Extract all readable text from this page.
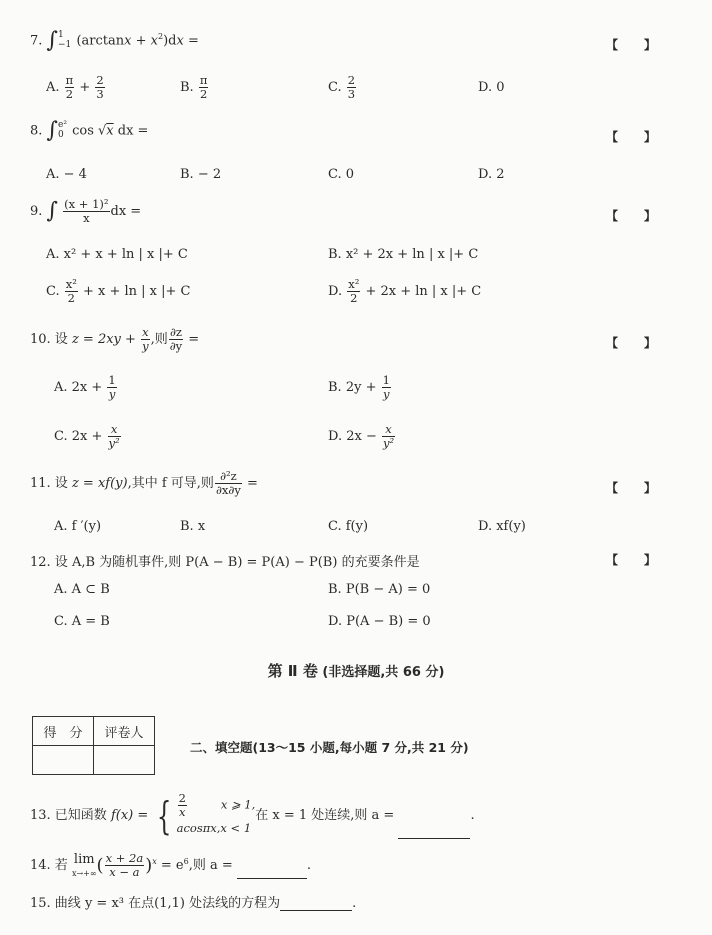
7. ∫1
−1 $(\arctan x + x^2)dx$ =	【 】
A. $\frac{\pi}{2} + \frac{2}{3}$	B. $\frac{\pi}{2}$	C. $\frac{2}{3}$	D. 0
8. ∫e²
0 cos √x dx =	【 】
A. − 4	B. − 2	C. 0	D. 2
9. ∫ $\frac{\text{(x + 1)²}}{x}$ dx =	【 】
A. x² + x + ln | x |+ C	B. x² + 2x + ln | x |+ C
C. $\frac{\text{x²}}{2} + x + \ln$ | x |+ C	D. $\frac{\text{x²}}{2} + 2x + \ln$ | x |+ C
10. 设 $z = 2xy + \frac{x}{y}$ ,则 $\frac{\partial z}{\partial y}$ =	【 】
A. $2x + \frac{1}{y}$	B. $2y + \frac{1}{y}$
C. $2x + \frac{x}{\text{y²}}$	D. $2x - \frac{x}{\text{y²}}$
11. 设 z = xf(y),其中 f 可导,则 $\frac{\text{∂²z}}{\partial x\partial y}$ =	【 】
A. f ′(y)	B. x	C. f(y)	D. xf(y)
12. 设 A,B 为随机事件,则 P(A − B) = P(A) − P(B) 的充要条件是	【 】
A. A ⊂ B	B. P(B − A) = 0
C. A = B	D. P(A − B) = 0
第 Ⅱ 卷 (非选择题,共 66 分)
得　分	评卷人

二、填空题(13～15 小题,每小题 7 分,共 21 分)
13. 已知函数 f(x) = { $\frac{2}{x}$	x ⩾ 1,
acosπx,x < 1在 x = 1 处连续,则 a =	.
14. 若 lim
$x\to+\infty( \frac{x + 2a}{x - a} )^x = e^6$,则 a =	.
15. 曲线 y = x³ 在点(1,1) 处法线的方程为	.
